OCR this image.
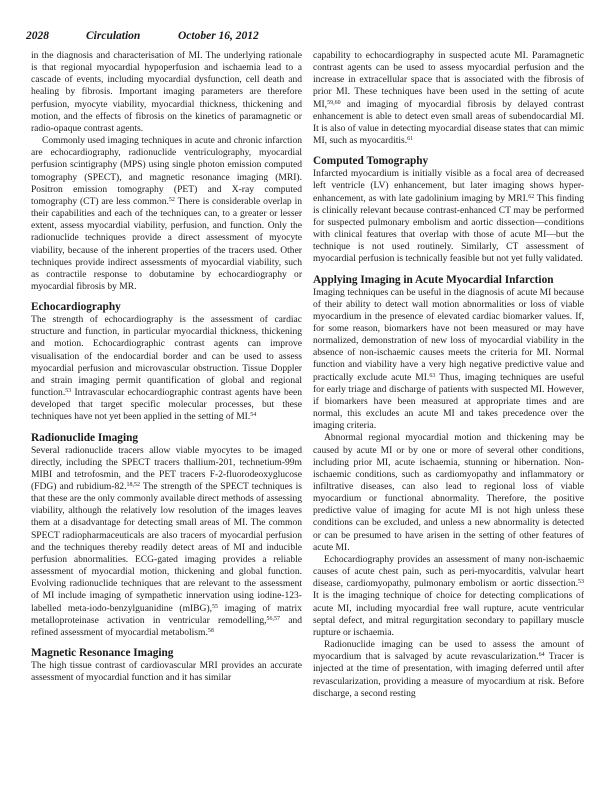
2028	Circulation	October 16, 2012

in the diagnosis and characterisation of MI. The underlying rationale is that regional myocardial hypoperfusion and ischaemia lead to a cascade of events, including myocardial dysfunction, cell death and healing by fibrosis. Important imaging parameters are therefore perfusion, myocyte viability, myocardial thickness, thickening and motion, and the effects of fibrosis on the kinetics of paramagnetic or radio-opaque contrast agents.

Commonly used imaging techniques in acute and chronic infarction are echocardiography, radionuclide ventriculography, myocardial perfusion scintigraphy (MPS) using single photon emission computed tomography (SPECT), and magnetic resonance imaging (MRI). Positron emission tomography (PET) and X-ray computed tomography (CT) are less common.$^{52}$ There is considerable overlap in their capabilities and each of the techniques can, to a greater or lesser extent, assess myocardial viability, perfusion, and function. Only the radionuclide techniques provide a direct assessment of myocyte viability, because of the inherent properties of the tracers used. Other techniques provide indirect assessments of myocardial viability, such as contractile response to dobutamine by echocardiography or myocardial fibrosis by MR.

Echocardiography

The strength of echocardiography is the assessment of cardiac structure and function, in particular myocardial thickness, thickening and motion. Echocardiographic contrast agents can improve visualisation of the endocardial border and can be used to assess myocardial perfusion and microvascular obstruction. Tissue Doppler and strain imaging permit quantification of global and regional function.$^{53}$ Intravascular echocardiographic contrast agents have been developed that target specific molecular processes, but these techniques have not yet been applied in the setting of MI.$^{54}$

Radionuclide Imaging

Several radionuclide tracers allow viable myocytes to be imaged directly, including the SPECT tracers thallium-201, technetium-99m MIBI and tetrofosmin, and the PET tracers F-2-fluorodeoxyglucose (FDG) and rubidium-82.$^{18,52}$ The strength of the SPECT techniques is that these are the only commonly available direct methods of assessing viability, although the relatively low resolution of the images leaves them at a disadvantage for detecting small areas of MI. The common SPECT radiopharmaceuticals are also tracers of myocardial perfusion and the techniques thereby readily detect areas of MI and inducible perfusion abnormalities. ECG-gated imaging provides a reliable assessment of myocardial motion, thickening and global function. Evolving radionuclide techniques that are relevant to the assessment of MI include imaging of sympathetic innervation using iodine-123-labelled meta-iodo-benzylguanidine (mIBG),$^{55}$ imaging of matrix metalloproteinase activation in ventricular remodelling,$^{56,57}$ and refined assessment of myocardial metabolism.$^{58}$

Magnetic Resonance Imaging

The high tissue contrast of cardiovascular MRI provides an accurate assessment of myocardial function and it has similar

capability to echocardiography in suspected acute MI. Paramagnetic contrast agents can be used to assess myocardial perfusion and the increase in extracellular space that is associated with the fibrosis of prior MI. These techniques have been used in the setting of acute MI,$^{59,60}$ and imaging of myocardial fibrosis by delayed contrast enhancement is able to detect even small areas of subendocardial MI. It is also of value in detecting myocardial disease states that can mimic MI, such as myocarditis.$^{61}$

Computed Tomography

Infarcted myocardium is initially visible as a focal area of decreased left ventricle (LV) enhancement, but later imaging shows hyper- enhancement, as with late gadolinium imaging by MRI.$^{62}$ This finding is clinically relevant because contrast-enhanced CT may be performed for suspected pulmonary embolism and aortic dissection—conditions with clinical features that overlap with those of acute MI—but the technique is not used routinely. Similarly, CT assessment of myocardial perfusion is technically feasible but not yet fully validated.

Applying Imaging in Acute Myocardial Infarction

Imaging techniques can be useful in the diagnosis of acute MI because of their ability to detect wall motion abnormalities or loss of viable myocardium in the presence of elevated cardiac biomarker values. If, for some reason, biomarkers have not been measured or may have normalized, demonstration of new loss of myocardial viability in the absence of non-ischaemic causes meets the criteria for MI. Normal function and viability have a very high negative predictive value and practically exclude acute MI.$^{63}$ Thus, imaging techniques are useful for early triage and discharge of patients with suspected MI. However, if biomarkers have been measured at appropriate times and are normal, this excludes an acute MI and takes precedence over the imaging criteria.

Abnormal regional myocardial motion and thickening may be caused by acute MI or by one or more of several other conditions, including prior MI, acute ischaemia, stunning or hibernation. Non-ischaemic conditions, such as cardiomyopathy and inflammatory or infiltrative diseases, can also lead to regional loss of viable myocardium or functional abnormality. Therefore, the positive predictive value of imaging for acute MI is not high unless these conditions can be excluded, and unless a new abnormality is detected or can be presumed to have arisen in the setting of other features of acute MI.

Echocardiography provides an assessment of many non-ischaemic causes of acute chest pain, such as peri-myocarditis, valvular heart disease, cardiomyopathy, pulmonary embolism or aortic dissection.$^{53}$ It is the imaging technique of choice for detecting complications of acute MI, including myocardial free wall rupture, acute ventricular septal defect, and mitral regurgitation secondary to papillary muscle rupture or ischaemia.

Radionuclide imaging can be used to assess the amount of myocardium that is salvaged by acute revascularization.$^{64}$ Tracer is injected at the time of presentation, with imaging deferred until after revascularization, providing a measure of myocardium at risk. Before discharge, a second resting
